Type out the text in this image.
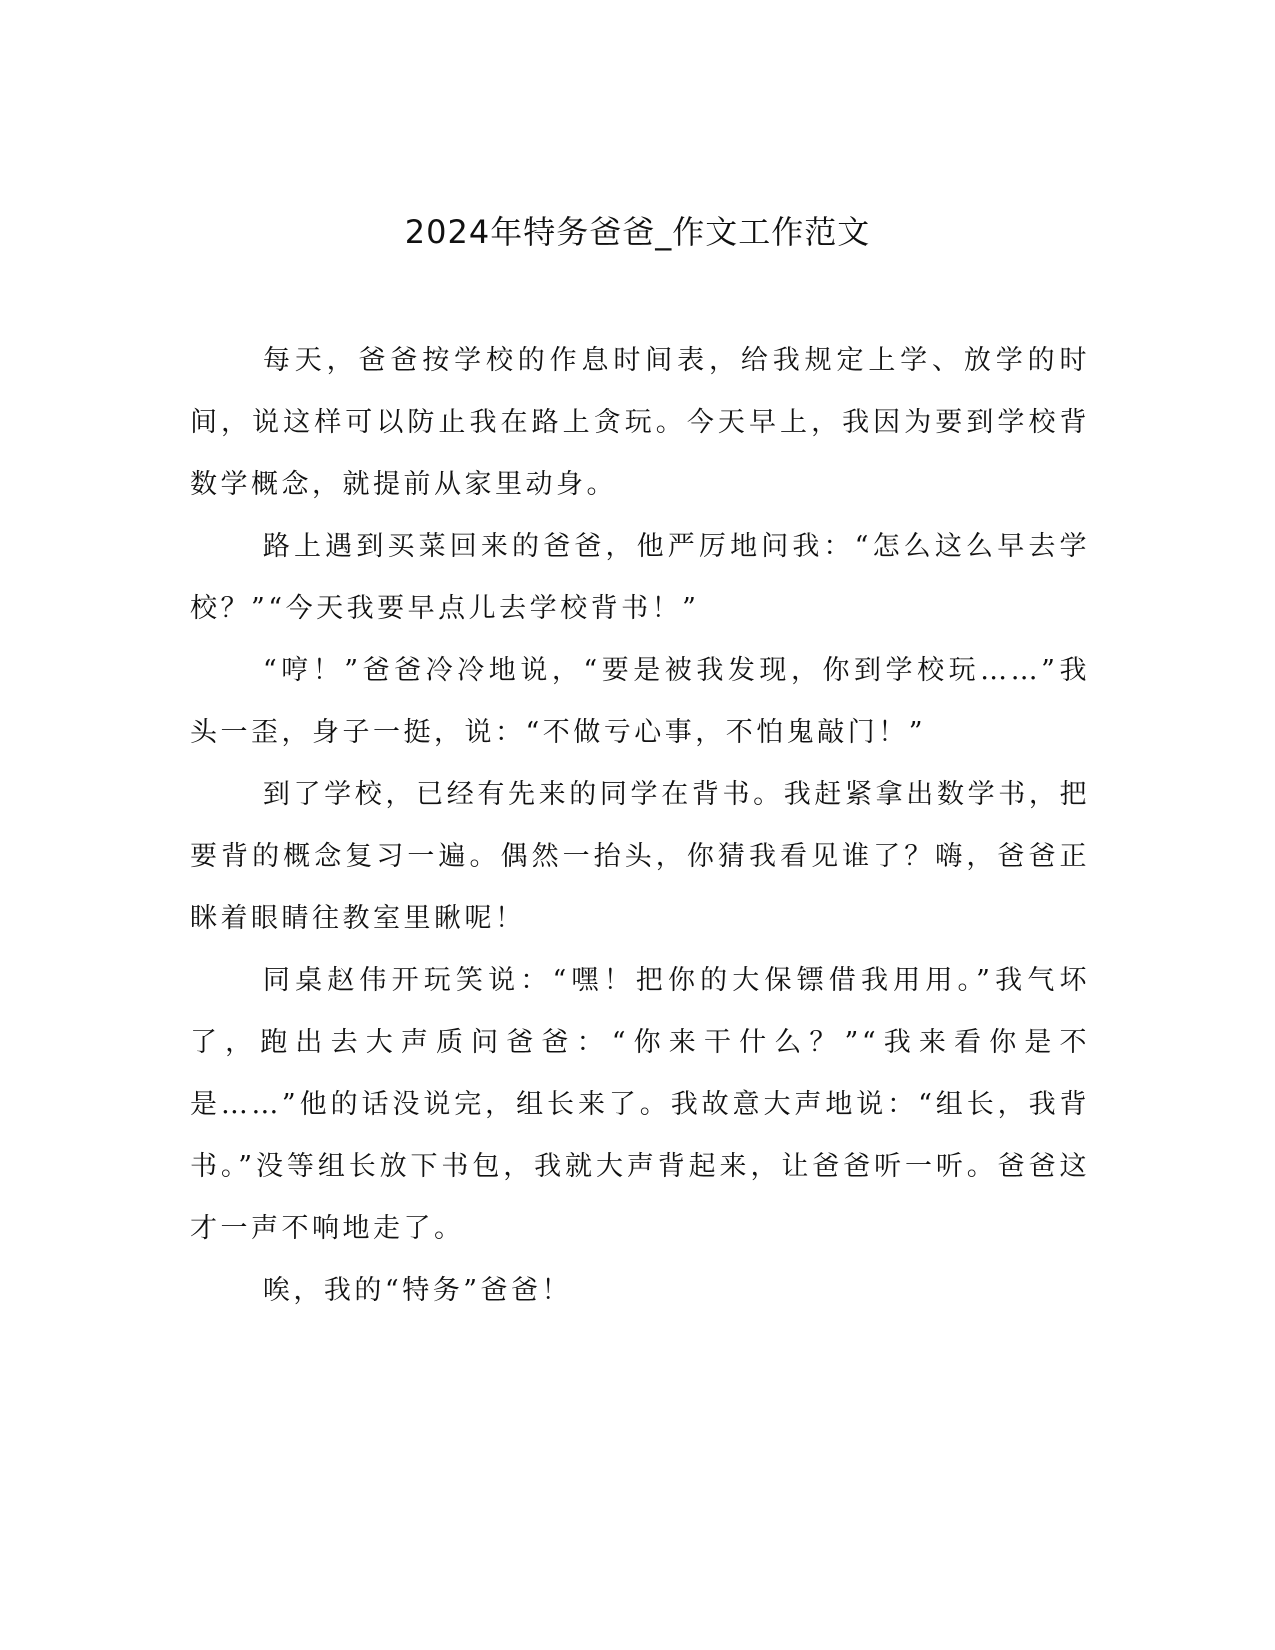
2024年特务爸爸_作文工作范文

每天，爸爸按学校的作息时间表，给我规定上学、放学的时间，说这样可以防止我在路上贪玩。今天早上，我因为要到学校背数学概念，就提前从家里动身。

路上遇到买菜回来的爸爸，他严厉地问我：“怎么这么早去学校？”“今天我要早点儿去学校背书！”

“哼！”爸爸冷冷地说，“要是被我发现，你到学校玩……”我头一歪，身子一挺，说：“不做亏心事，不怕鬼敲门！”

到了学校，已经有先来的同学在背书。我赶紧拿出数学书，把要背的概念复习一遍。偶然一抬头，你猜我看见谁了？嗨，爸爸正眯着眼睛往教室里瞅呢！

同桌赵伟开玩笑说：“嘿！把你的大保镖借我用用。”我气坏了，跑出去大声质问爸爸：“你来干什么？”“我来看你是不是……”他的话没说完，组长来了。我故意大声地说：“组长，我背书。”没等组长放下书包，我就大声背起来，让爸爸听一听。爸爸这才一声不响地走了。

唉，我的“特务”爸爸！
